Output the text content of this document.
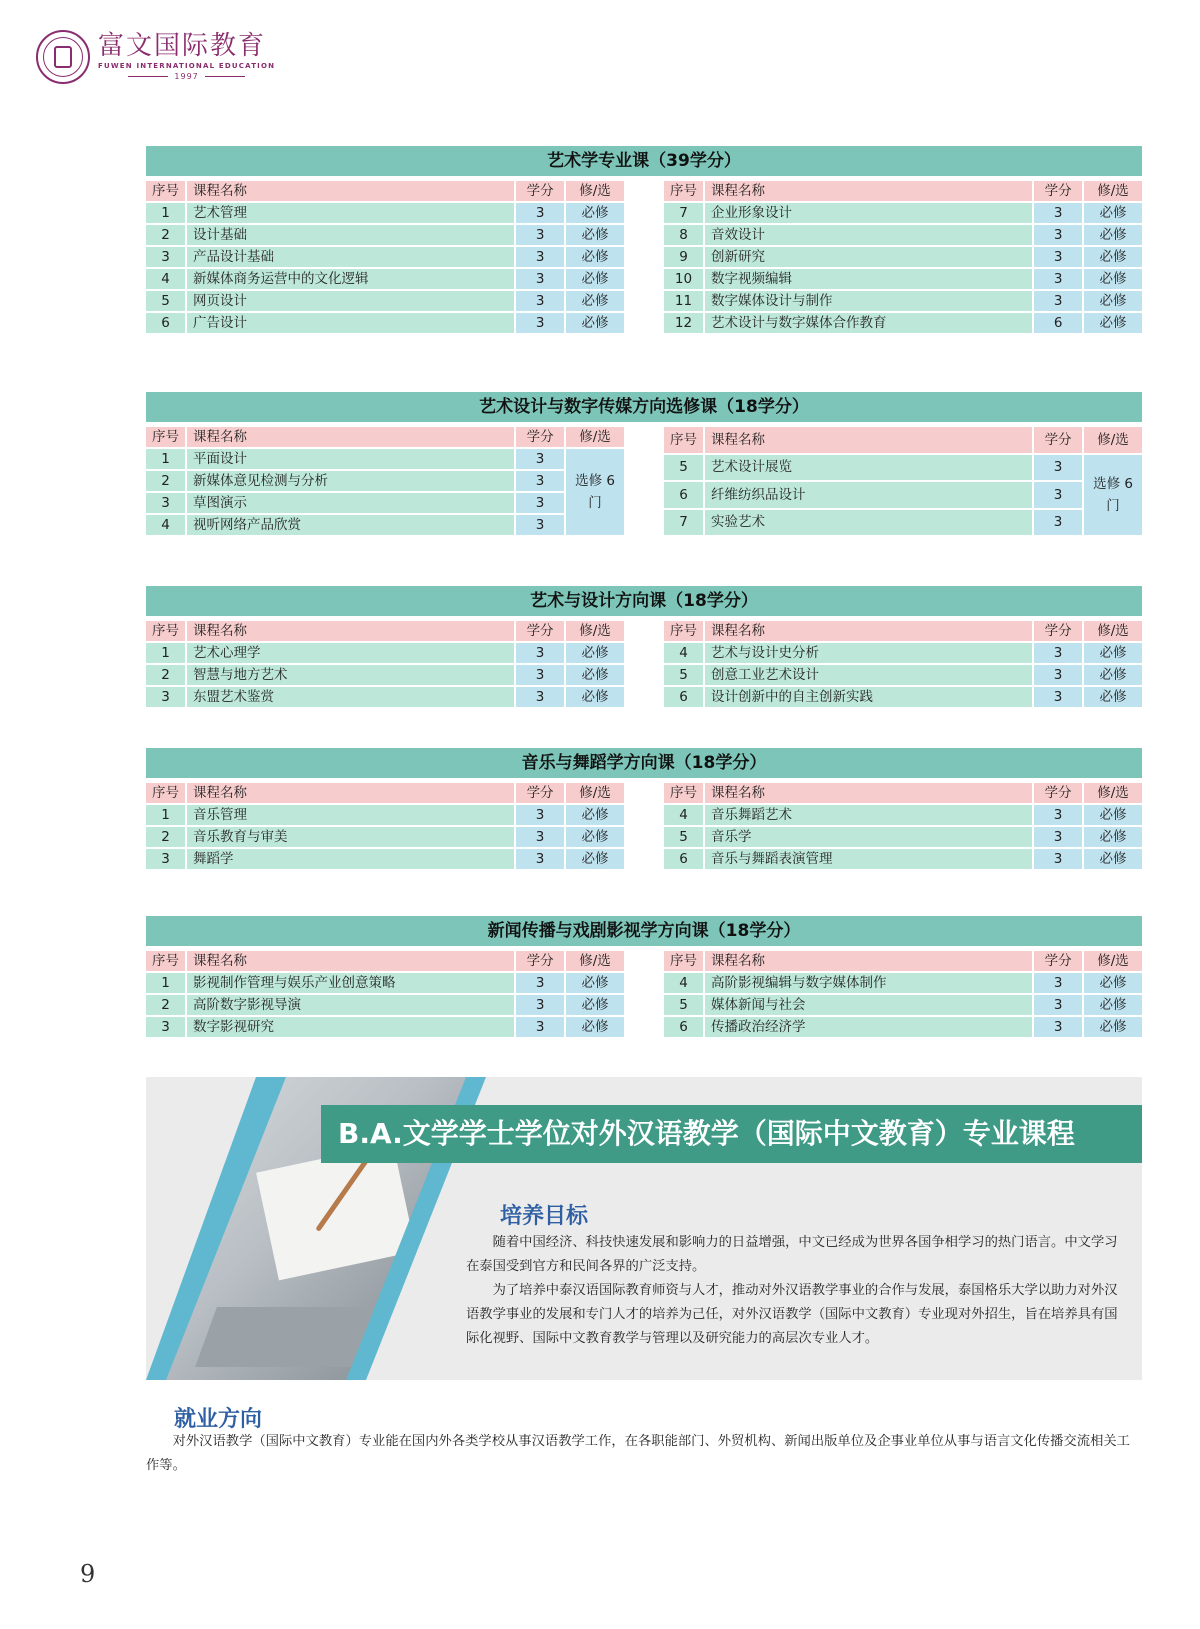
富文国际教育
FUWEN INTERNATIONAL EDUCATION
1997
艺术学专业课（39学分）
序号	课程名称	学分	修/选
1	艺术管理	3	必修
2	设计基础	3	必修
3	产品设计基础	3	必修
4	新媒体商务运营中的文化逻辑	3	必修
5	网页设计	3	必修
6	广告设计	3	必修
序号	课程名称	学分	修/选
7	企业形象设计	3	必修
8	音效设计	3	必修
9	创新研究	3	必修
10	数字视频编辑	3	必修
11	数字媒体设计与制作	3	必修
12	艺术设计与数字媒体合作教育	6	必修
艺术设计与数字传媒方向选修课（18学分）
序号	课程名称	学分	修/选
1	平面设计	3	选修 6门
2	新媒体意见检测与分析	3	
3	草图演示	3	
4	视听网络产品欣赏	3	
序号	课程名称	学分	修/选
5	艺术设计展览	3	选修 6门
6	纤维纺织品设计	3	
7	实验艺术	3	
艺术与设计方向课（18学分）
序号	课程名称	学分	修/选
1	艺术心理学	3	必修
2	智慧与地方艺术	3	必修
3	东盟艺术鉴赏	3	必修
序号	课程名称	学分	修/选
4	艺术与设计史分析	3	必修
5	创意工业艺术设计	3	必修
6	设计创新中的自主创新实践	3	必修
音乐与舞蹈学方向课（18学分）
序号	课程名称	学分	修/选
1	音乐管理	3	必修
2	音乐教育与审美	3	必修
3	舞蹈学	3	必修
序号	课程名称	学分	修/选
4	音乐舞蹈艺术	3	必修
5	音乐学	3	必修
6	音乐与舞蹈表演管理	3	必修
新闻传播与戏剧影视学方向课（18学分）
序号	课程名称	学分	修/选
1	影视制作管理与娱乐产业创意策略	3	必修
2	高阶数字影视导演	3	必修
3	数字影视研究	3	必修
序号	课程名称	学分	修/选
4	高阶影视编辑与数字媒体制作	3	必修
5	媒体新闻与社会	3	必修
6	传播政治经济学	3	必修
B.A.文学学士学位对外汉语教学（国际中文教育）专业课程
培养目标

随着中国经济、科技快速发展和影响力的日益增强，中文已经成为世界各国争相学习的热门语言。中文学习在泰国受到官方和民间各界的广泛支持。

为了培养中泰汉语国际教育师资与人才，推动对外汉语教学事业的合作与发展，泰国格乐大学以助力对外汉语教学事业的发展和专门人才的培养为己任，对外汉语教学（国际中文教育）专业现对外招生，旨在培养具有国际化视野、国际中文教育教学与管理以及研究能力的高层次专业人才。

就业方向
对外汉语教学（国际中文教育）专业能在国内外各类学校从事汉语教学工作，在各职能部门、外贸机构、新闻出版单位及企事业单位从事与语言文化传播交流相关工作等。
9
